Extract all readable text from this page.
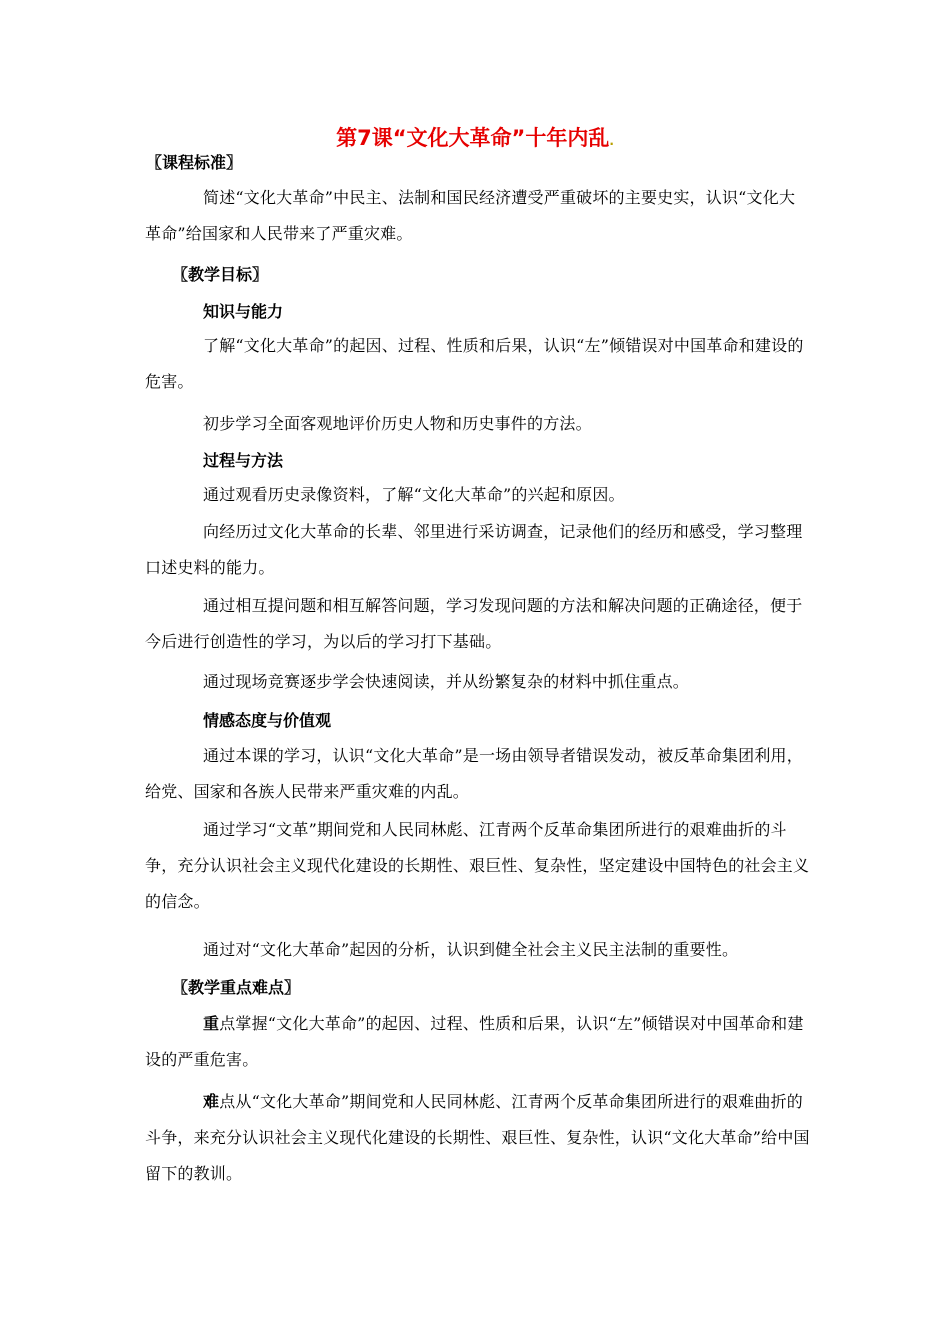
第7课“文化大革命”十年内乱.
〖课程标准〗

简述“文化大革命”中民主、法制和国民经济遭受严重破坏的主要史实，认识“文化大革命”给国家和人民带来了严重灾难。

〖教学目标〗
知识与能力

了解“文化大革命”的起因、过程、性质和后果，认识“左”倾错误对中国革命和建设的危害。

初步学习全面客观地评价历史人物和历史事件的方法。

过程与方法

通过观看历史录像资料，了解“文化大革命”的兴起和原因。

向经历过文化大革命的长辈、邻里进行采访调查，记录他们的经历和感受，学习整理口述史料的能力。

通过相互提问题和相互解答问题，学习发现问题的方法和解决问题的正确途径，便于今后进行创造性的学习，为以后的学习打下基础。

通过现场竞赛逐步学会快速阅读，并从纷繁复杂的材料中抓住重点。

情感态度与价值观

通过本课的学习，认识“文化大革命”是一场由领导者错误发动，被反革命集团利用，给党、国家和各族人民带来严重灾难的内乱。

通过学习“文革”期间党和人民同林彪、江青两个反革命集团所进行的艰难曲折的斗争，充分认识社会主义现代化建设的长期性、艰巨性、复杂性，坚定建设中国特色的社会主义的信念。

通过对“文化大革命”起因的分析，认识到健全社会主义民主法制的重要性。

〖教学重点难点〗

重点掌握“文化大革命”的起因、过程、性质和后果，认识“左”倾错误对中国革命和建设的严重危害。

难点从“文化大革命”期间党和人民同林彪、江青两个反革命集团所进行的艰难曲折的斗争，来充分认识社会主义现代化建设的长期性、艰巨性、复杂性，认识“文化大革命”给中国留下的教训。
